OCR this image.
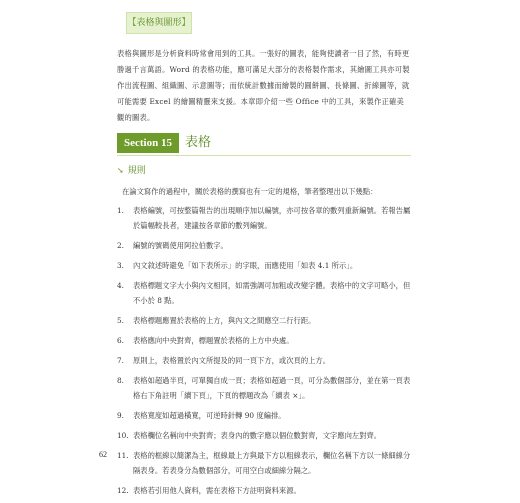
【表格與圖形】

表格與圖形是分析資料時常會用到的工具。一張好的圖表，能夠使讀者一目了然，有時更勝過千言萬語。Word 的表格功能，應可滿足大部分的表格製作需求，其繪圖工具亦可製作出流程圖、組織圖、示意圖等；而依統計數據而繪製的圓餅圖、長條圖、折線圖等，就可能需要 Excel 的繪圖精靈來支援。本章即介紹一些 Office 中的工具，來製作正確美觀的圖表。

Section 15	表格
➘ 規則
在論文寫作的過程中，關於表格的撰寫也有一定的規格，筆者整理出以下幾點：
1. 表格編號，可按整篇報告的出現順序加以編號，亦可按各章的數列重新編號。若報告屬於篇幅較長者，建議按各章節的數列編號。
2. 編號的號碼使用阿拉伯數字。
3. 內文敘述時避免「如下表所示」的字眼，而應使用「如表 4.1 所示」。
4. 表格標題文字大小與內文相同，如需強調可加粗或改變字體。表格中的文字可略小，但不小於 8 點。
5. 表格標題應置於表格的上方，與內文之間應空二行行距。
6. 表格應向中央對齊，標題置於表格的上方中央處。
7. 原則上，表格置於內文所提及的同一頁下方，或次頁的上方。
8. 表格如超過半頁，可單獨自成一頁；表格如超過一頁，可分為數個部分，並在第一頁表格右下角註明「續下頁」，下頁的標題改為「續表 ×」。
9. 表格寬度如超過橫寬，可逆時針轉 90 度編排。
10. 表格欄位名稱向中央對齊；表身內的數字應以個位數對齊，文字應向左對齊。
11. 表格的框線以簡潔為主，框線最上方與最下方以粗線表示，欄位名稱下方以一條細線分隔表身。若表身分為數個部分，可用空白或細線分隔之。
12. 表格若引用他人資料，需在表格下方註明資料來源。
62
